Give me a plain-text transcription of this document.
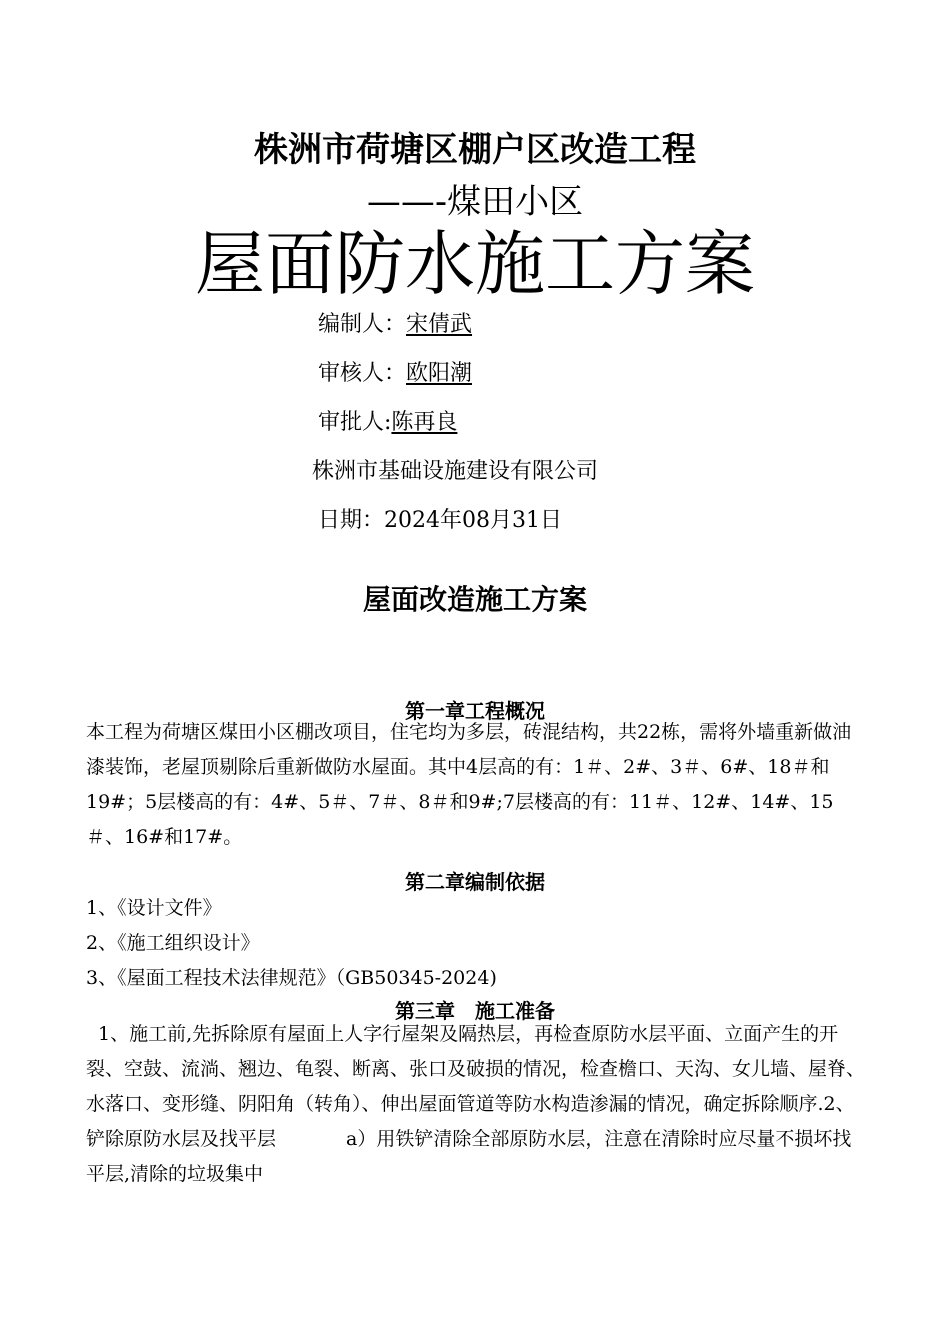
株洲市荷塘区棚户区改造工程
——-煤田小区
屋面防水施工方案
编制人：宋倩武
审核人：欧阳潮
审批人:陈再良
株洲市基础设施建设有限公司
日期：2024年08月31日
屋面改造施工方案
第一章工程概况
本工程为荷塘区煤田小区棚改项目，住宅均为多层，砖混结构，共22栋，需将外墙重新做油漆装饰，老屋顶剔除后重新做防水屋面。其中4层高的有：1＃、2#、3＃、6#、18＃和19#；5层楼高的有：4#、5＃、7＃、8＃和9#;7层楼高的有：11＃、12#、14#、15＃、16#和17#。
第二章编制依据
1、《设计文件》
2、《施工组织设计》
3、《屋面工程技术法律规范》（GB50345-2024)
第三章　施工准备
1、施工前,先拆除原有屋面上人字行屋架及隔热层，再检查原防水层平面、立面产生的开裂、空鼓、流淌、翘边、龟裂、断离、张口及破损的情况，检查檐口、天沟、女儿墙、屋脊、水落口、变形缝、阴阳角（转角）、伸出屋面管道等防水构造渗漏的情况，确定拆除顺序.2、铲除原防水层及找平层	a）用铁铲清除全部原防水层，注意在清除时应尽量不损坏找平层,清除的垃圾集中
